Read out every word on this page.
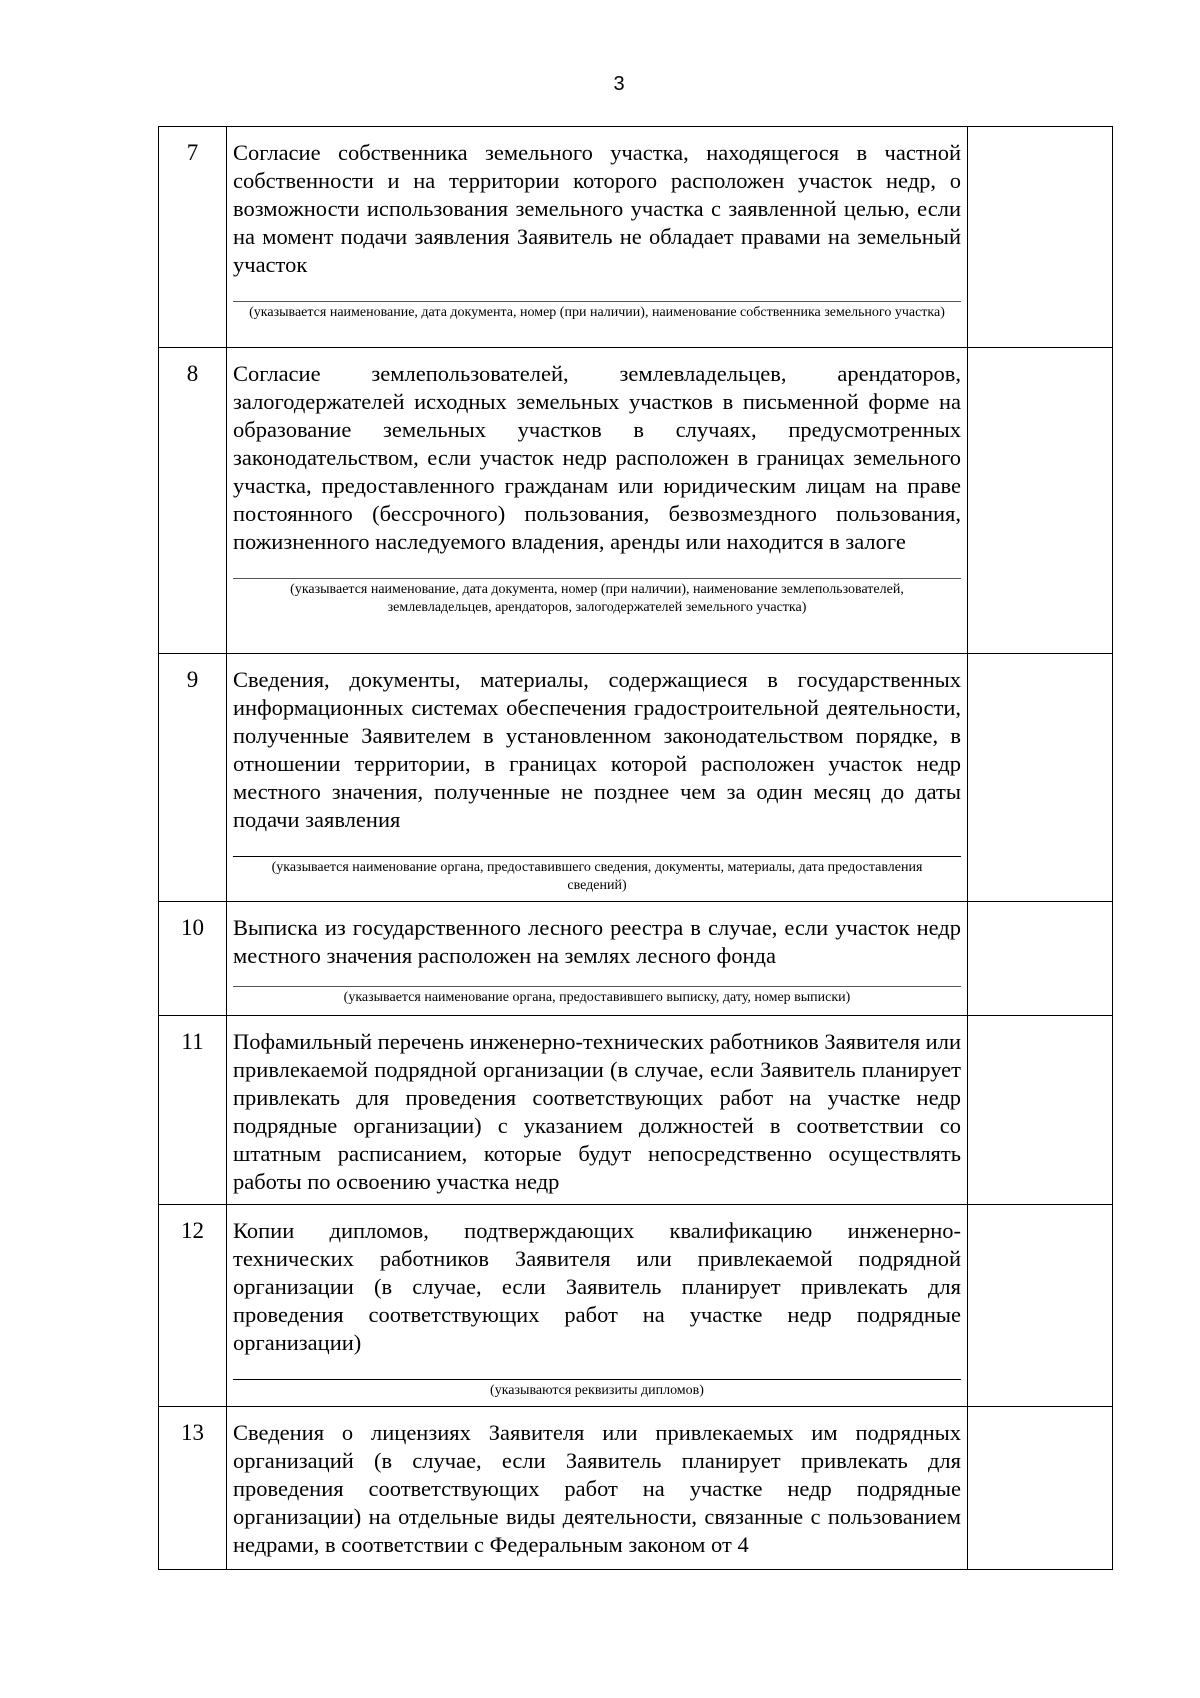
3
7	Согласие собственника земельного участка, находящегося в частной собственности и на территории которого расположен участок недр, о возможности использования земельного участка с заявленной целью, если на момент подачи заявления Заявитель не обладает правами на земельный участок

(указывается наименование, дата документа, номер (при наличии), наименование собственника земельного участка)	

8	Согласие землепользователей, землевладельцев, арендаторов, залогодержателей исходных земельных участков в письменной форме на образование земельных участков в случаях, предусмотренных законодательством, если участок недр расположен в границах земельного участка, предоставленного гражданам или юридическим лицам на праве постоянного (бессрочного) пользования, безвозмездного пользования, пожизненного наследуемого владения, аренды или находится в залоге

(указывается наименование, дата документа, номер (при наличии), наименование землепользователей, землевладельцев, арендаторов, залогодержателей земельного участка)	

9	Сведения, документы, материалы, содержащиеся в государственных информационных системах обеспечения градостроительной деятельности, полученные Заявителем в установленном законодательством порядке, в отношении территории, в границах которой расположен участок недр местного значения, полученные не позднее чем за один месяц до даты подачи заявления

(указывается наименование органа, предоставившего сведения, документы, материалы, дата предоставления сведений)	

10	Выписка из государственного лесного реестра в случае, если участок недр местного значения расположен на землях лесного фонда

(указывается наименование органа, предоставившего выписку, дату, номер выписки)	

11	Пофамильный перечень инженерно-технических работников Заявителя или привлекаемой подрядной организации (в случае, если Заявитель планирует привлекать для проведения соответствующих работ на участке недр подрядные организации) с указанием должностей в соответствии со штатным расписанием, которые будут непосредственно осуществлять работы по освоению участка недр	

12	Копии дипломов, подтверждающих квалификацию инженерно-технических работников Заявителя или привлекаемой подрядной организации (в случае, если Заявитель планирует привлекать для проведения соответствующих работ на участке недр подрядные организации)

(указываются реквизиты дипломов)	

13	Сведения о лицензиях Заявителя или привлекаемых им подрядных организаций (в случае, если Заявитель планирует привлекать для проведения соответствующих работ на участке недр подрядные организации) на отдельные виды деятельности, связанные с пользованием недрами, в соответствии с Федеральным законом от 4	
